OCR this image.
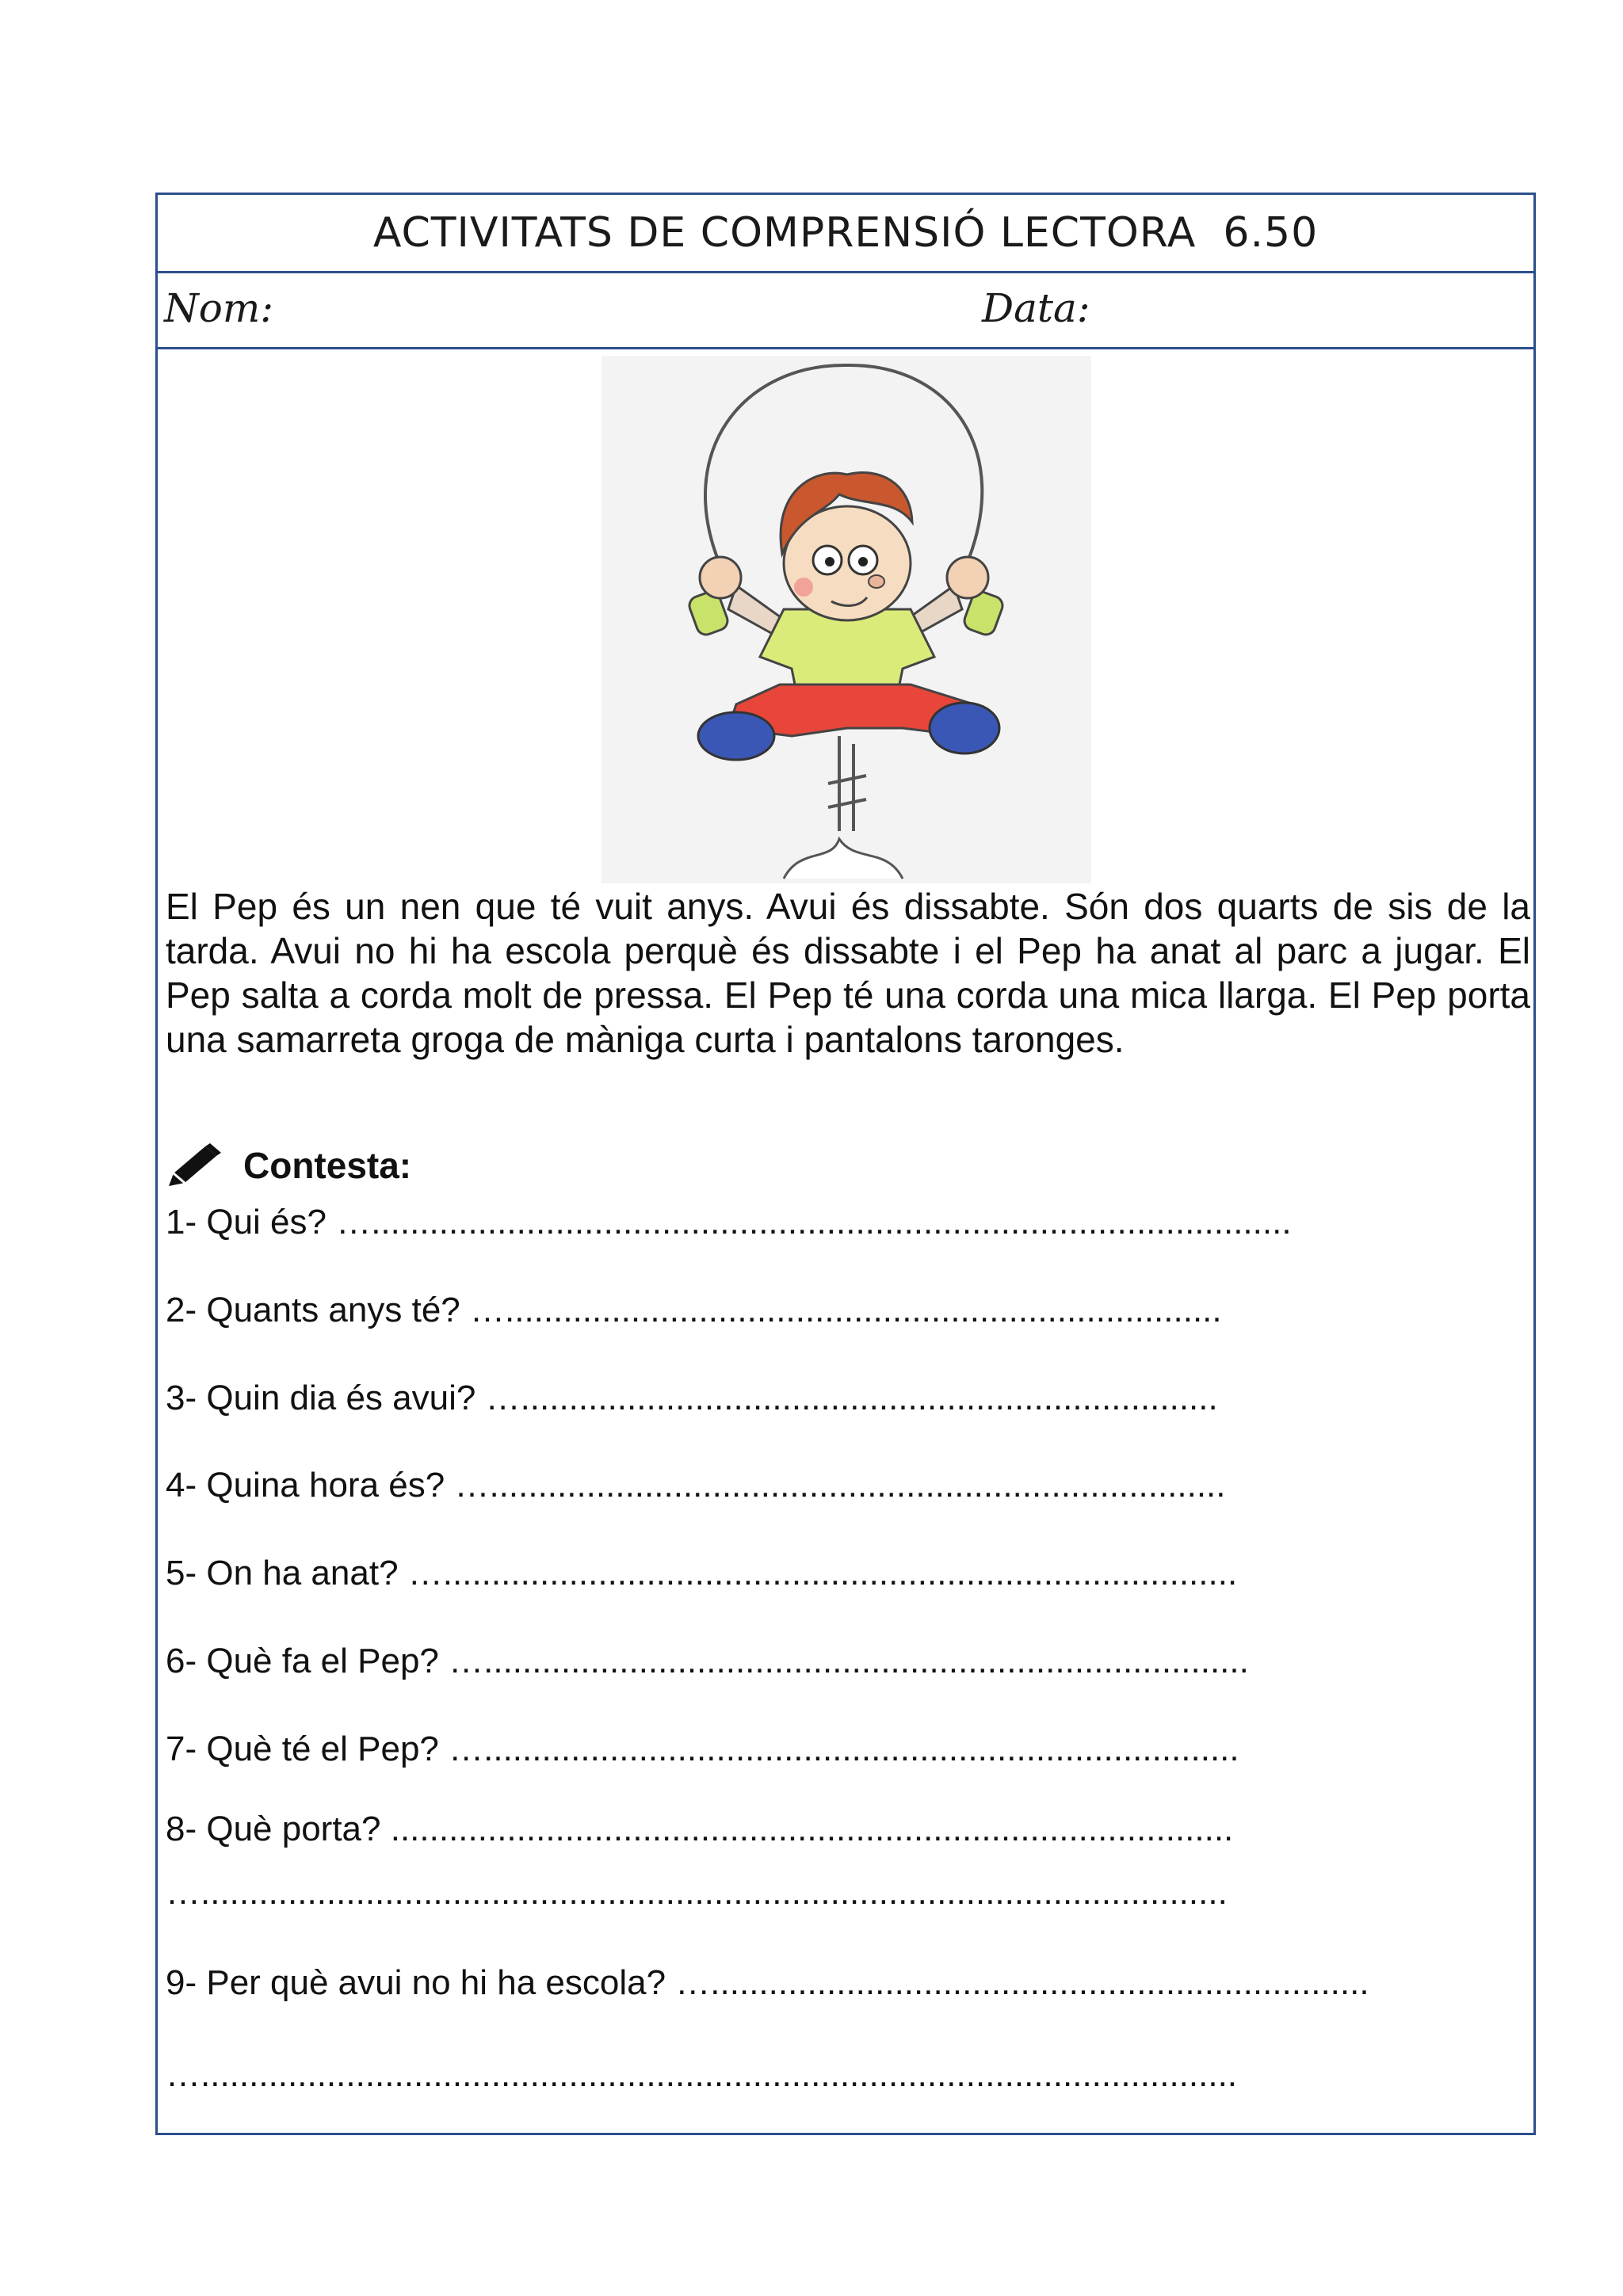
ACTIVITATS DE COMPRENSIÓ LECTORA 6.50
Nom:	Data:
El Pep és un nen que té vuit anys. Avui és dissabte. Són dos quarts de sis de la tarda. Avui no hi ha escola perquè és dissabte i el Pep ha anat al parc a jugar. El Pep salta a corda molt de pressa. El Pep té una corda una mica llarga. El Pep porta una samarreta groga de màniga curta i pantalons taronges.
Contesta:
1- Qui és? …...............................................................................................
2- Quants anys té? …..........................................................................
3- Quin dia és avui? …........................................................................
4- Quina hora és? …............................................................................
5- On ha anat? …..................................................................................
6- Què fa el Pep? …...............................................................................
7- Què té el Pep? …..............................................................................
8- Què porta? .......................................................................................
…..........................................................................................................
9- Per què avui no hi ha escola? …....................................................................
…...........................................................................................................
